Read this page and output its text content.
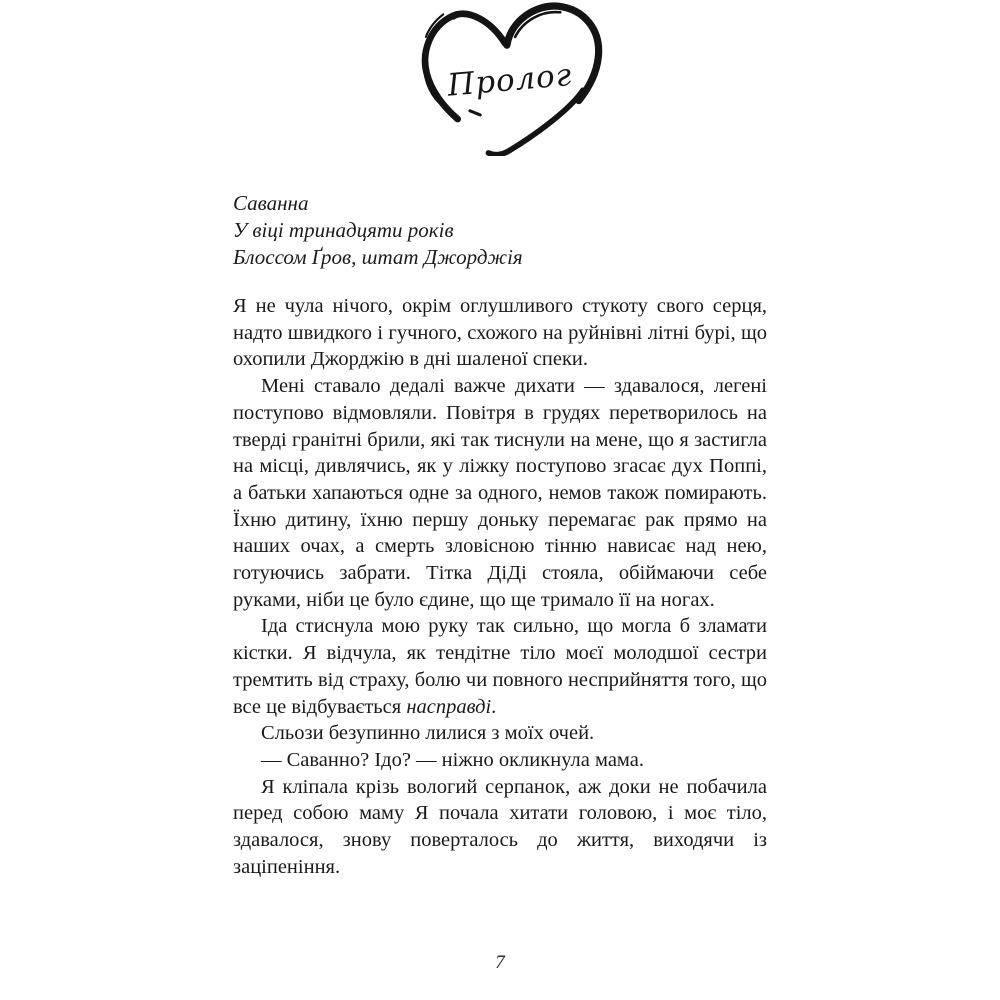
Пролог
Саванна
У віці тринадцяти років
Блоссом Ґров, штат Джорджія

Я не чула нічого, окрім оглушливого стукоту свого серця, надто швидкого і гучного, схожого на руйнівні літні бурі, що охопили Джорджію в дні шаленої спеки.

Мені ставало дедалі важче дихати — здавалося, легені поступово відмовляли. Повітря в грудях перетворилось на тверді гранітні брили, які так тиснули на мене, що я застигла на місці, дивлячись, як у ліжку поступово згасає дух Поппі, а батьки хапаються одне за одного, немов також помирають. Їхню дитину, їхню першу доньку перемагає рак прямо на наших очах, а смерть зловісною тінню нависає над нею, готуючись забрати. Тітка ДіДі стояла, обіймаючи себе руками, ніби це було єдине, що ще тримало її на ногах.

Іда стиснула мою руку так сильно, що могла б зламати кістки. Я відчула, як тендітне тіло моєї молодшої сестри тремтить від страху, болю чи повного несприйняття того, що все це відбувається насправді.

Сльози безупинно лилися з моїх очей.

— Саванно? Ідо? — ніжно окликнула мама.

Я кліпала крізь вологий серпанок, аж доки не побачила перед собою маму Я почала хитати головою, і моє тіло, здавалося, знову поверталось до життя, виходячи із заціпеніння.

7
